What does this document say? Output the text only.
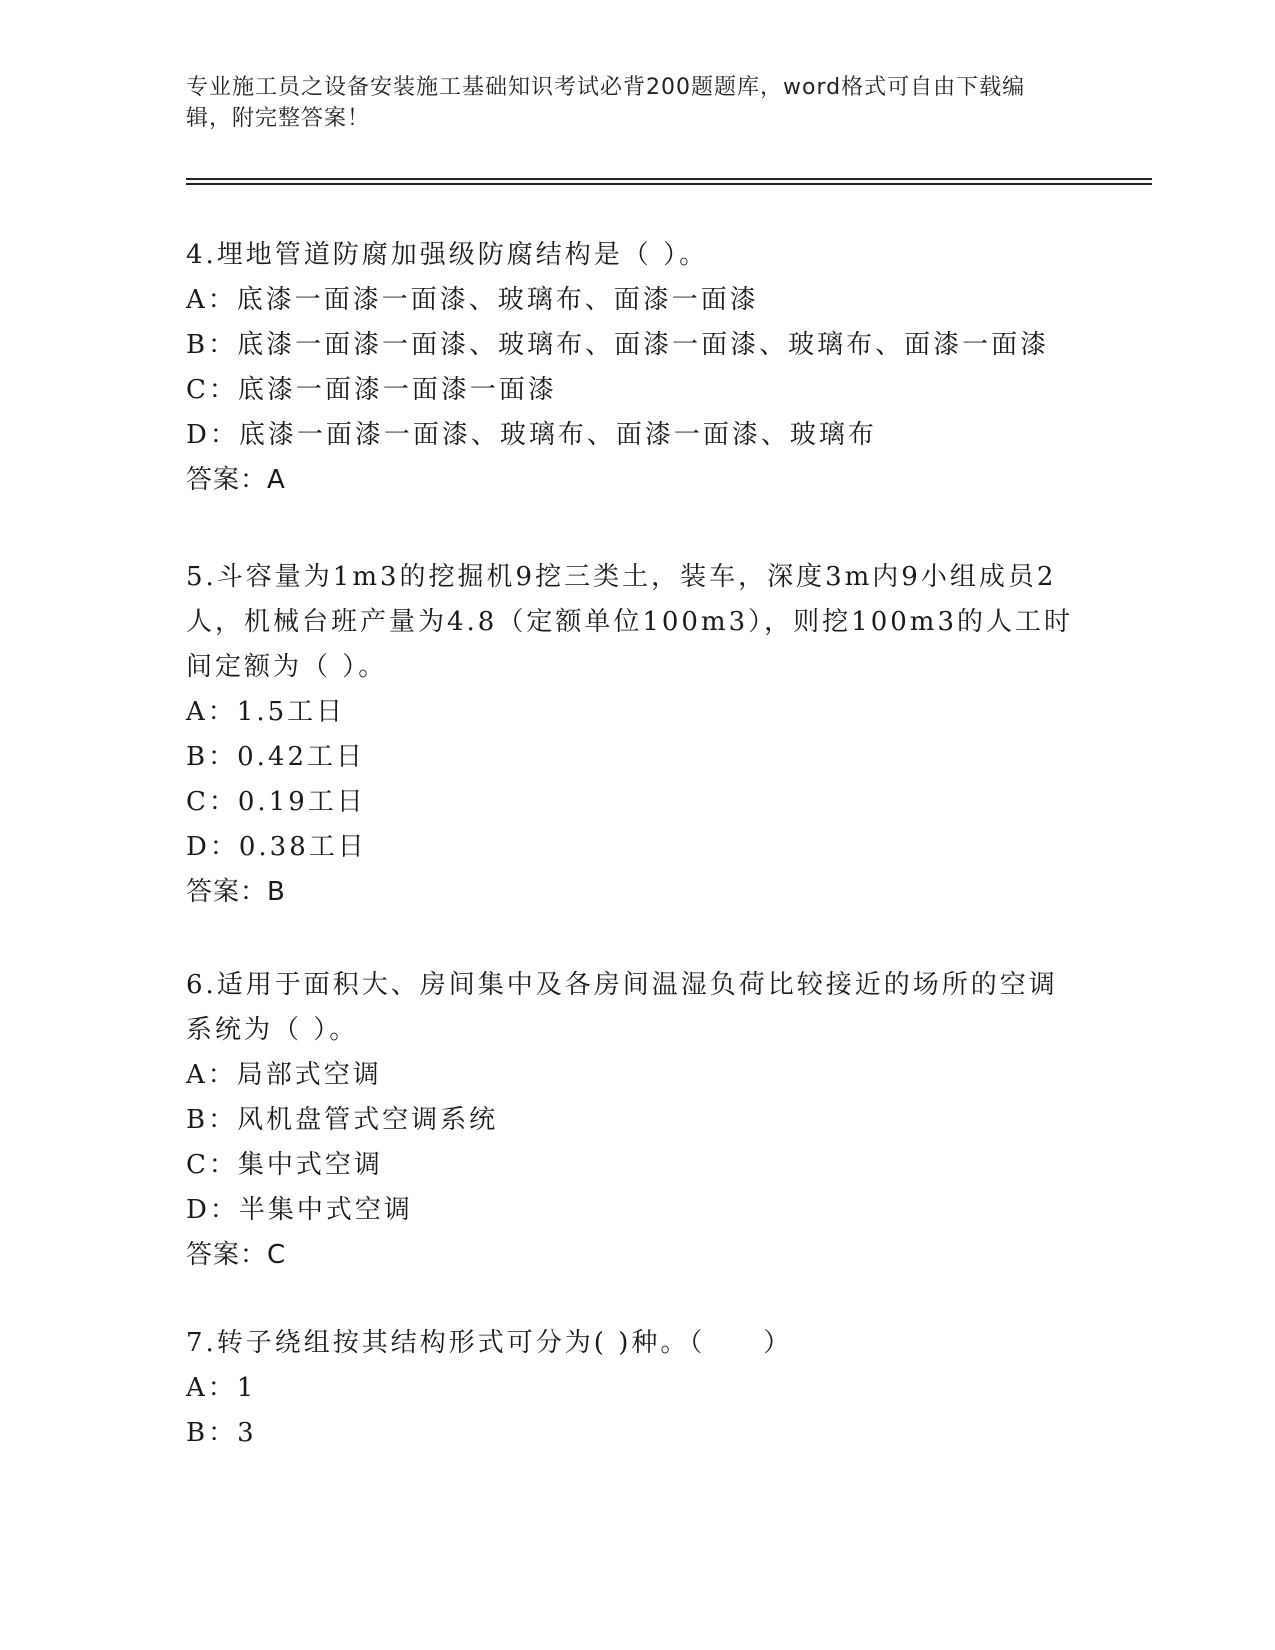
专业施工员之设备安装施工基础知识考试必背200题题库，word格式可自由下载编辑，附完整答案！

4.埋地管道防腐加强级防腐结构是（ ）。

A：底漆一面漆一面漆、玻璃布、面漆一面漆

B：底漆一面漆一面漆、玻璃布、面漆一面漆、玻璃布、面漆一面漆

C：底漆一面漆一面漆一面漆

D：底漆一面漆一面漆、玻璃布、面漆一面漆、玻璃布

答案：A

5.斗容量为1m3的挖掘机9挖三类土，装车，深度3m内9小组成员2人，机械台班产量为4.8（定额单位100m3），则挖100m3的人工时间定额为（ ）。

A：1.5工日

B：0.42工日

C：0.19工日

D：0.38工日

答案：B

6.适用于面积大、房间集中及各房间温湿负荷比较接近的场所的空调系统为（ ）。

A：局部式空调

B：风机盘管式空调系统

C：集中式空调

D：半集中式空调

答案：C

7.转子绕组按其结构形式可分为( )种。（　　）

A：1

B：3
